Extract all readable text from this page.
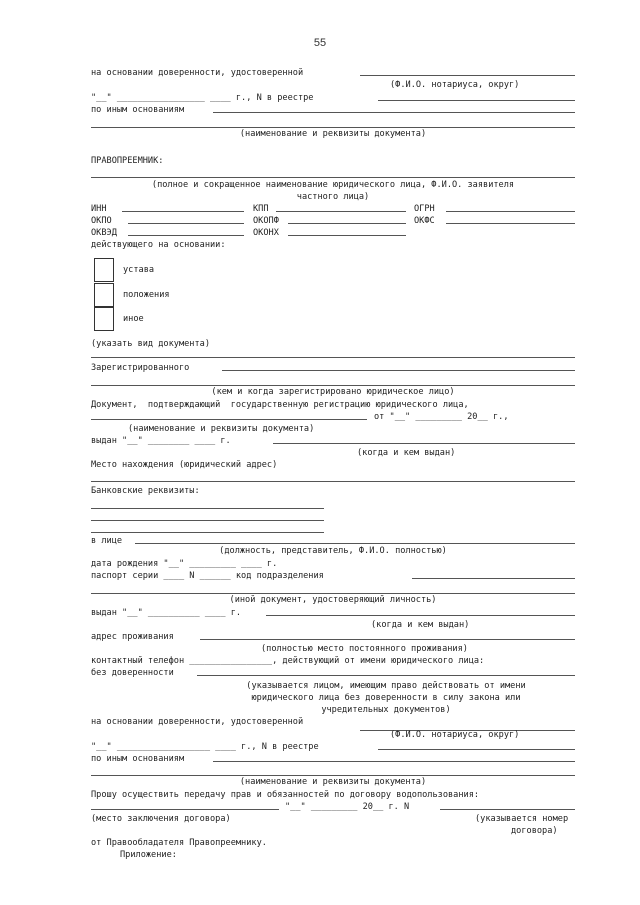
55
на основании доверенности, удостоверенной
(Ф.И.О. нотариуса, округ)
"__" _________________ ____ г., N в реестре
по иным основаниям
(наименование и реквизиты документа)
ПРАВОПРЕЕМНИК:
(полное и сокращенное наименование юридического лица, Ф.И.О. заявителя
частного лица)
ИНН	КПП	ОГРН
ОКПО	ОКОПФ	ОКФС
ОКВЭД	ОКОНХ
действующего на основании:
устава
положения
иное
(указать вид документа)
Зарегистрированного
(кем и когда зарегистрировано юридическое лицо)
Документ,  подтверждающий  государственную регистрацию юридического лица,
от "__" _________ 20__ г.,
(наименование и реквизиты документа)
выдан "__" ________ ____ г.
(когда и кем выдан)
Место нахождения (юридический адрес)
Банковские реквизиты:
в лице
(должность, представитель, Ф.И.О. полностью)
дата рождения "__" _________ ____ г.
паспорт серии ____ N ______ код подразделения
(иной документ, удостоверяющий личность)
выдан "__" __________ ____ г.
(когда и кем выдан)
адрес проживания
(полностью место постоянного проживания)
контактный телефон ________________, действующий от имени юридического лица:
без доверенности
(указывается лицом, имеющим право действовать от имени
юридического лица без доверенности в силу закона или
учредительных документов)
на основании доверенности, удостоверенной
(Ф.И.О. нотариуса, округ)
"__" __________________ ____ г., N в реестре
по иным основаниям
(наименование и реквизиты документа)
Прошу осуществить передачу прав и обязанностей по договору водопользования:
"__" _________ 20__ г. N
(место заключения договора)	(указывается номер
договора)
от Правообладателя Правопреемнику.
Приложение:
